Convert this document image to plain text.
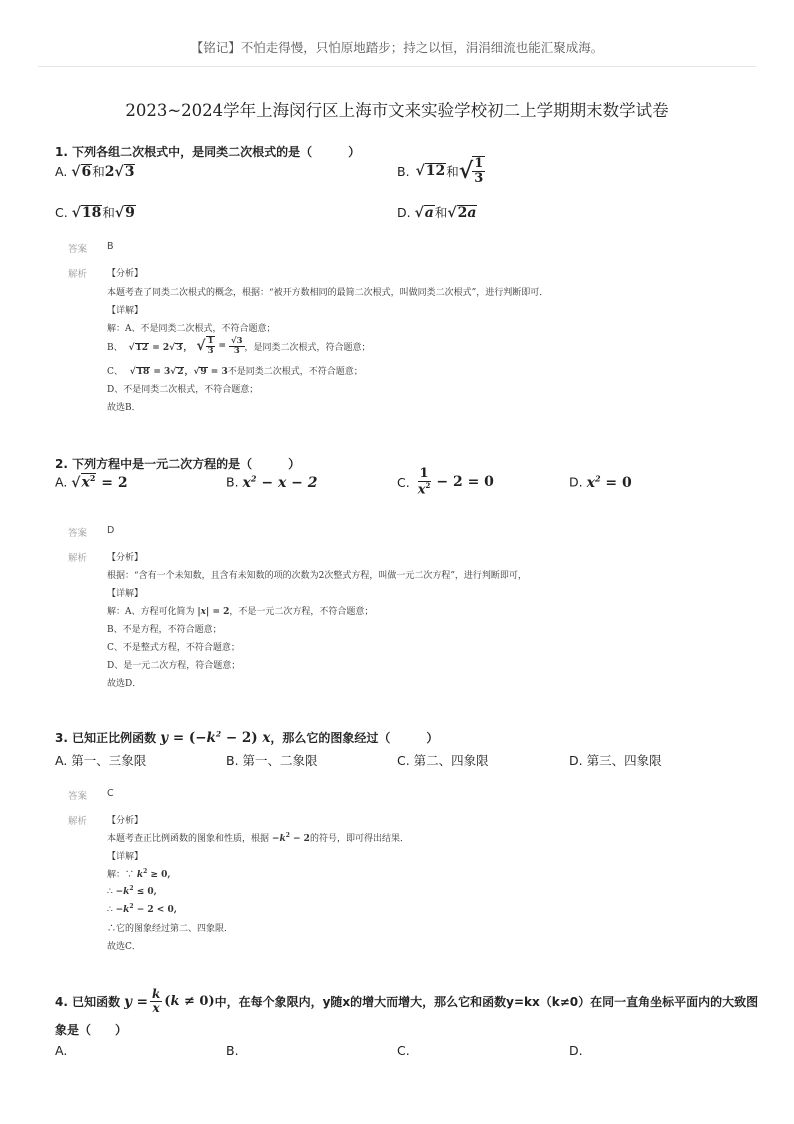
【铭记】不怕走得慢，只怕原地踏步；持之以恒，涓涓细流也能汇聚成海。
2023~2024学年上海闵行区上海市文来实验学校初二上学期期末数学试卷
1. 下列各组二次根式中，是同类二次根式的是（　　　）
A. √6和2√3	B. √12 和 √ $\frac{1}{3}$
C. √18和√9	D. √a和√2a
答案 B
解析 【分析】
本题考查了同类二次根式的概念，根据：“被开方数相同的最简二次根式，叫做同类二次根式”，进行判断即可．
【详解】
解：A、不是同类二次根式，不符合题意；
B、 √12 = 2√3， √ $\frac{1}{3} = \frac{√3}{3}$ ，是同类二次根式，符合题意；
C、 √18 = 3√2，√9 = 3不是同类二次根式，不符合题意；
D、不是同类二次根式，不符合题意；
故选B．
2. 下列方程中是一元二次方程的是（　　　）
A. $√x^2 = 2$	B. $x^2 - x - 2$	C. $\frac{1}{x^2} - 2 = 0$	D. $x^2 = 0$
答案 D
解析 【分析】
根据：“含有一个未知数，且含有未知数的项的次数为2次整式方程，叫做一元二次方程”，进行判断即可，
【详解】
解：A、方程可化简为 |x| = 2，不是一元二次方程，不符合题意；
B、不是方程，不符合题意；
C、不是整式方程，不符合题意；
D、是一元二次方程，符合题意；
故选D．
3. 已知正比例函数 $y = (-k^2 - 2)$ x，那么它的图象经过（　　　）
A. 第一、三象限	B. 第一、二象限	C. 第二、四象限	D. 第三、四象限
答案 C
解析 【分析】
本题考查正比例函数的图象和性质，根据 $-k^2 - 2$的符号，即可得出结果．
【详解】
解：∵ $k^2 \ge 0$,
∴ $-k^2 \le 0$,
∴ $-k^2 - 2 < 0$,
∴它的图象经过第二、四象限．
故选C．
4. 已知函数 $y = \frac{k}{x} (k \ne 0)$ 中，在每个象限内，y随x的增大而增大，那么它和函数y=kx（k≠0）在同一直角坐标平面内的大致图
象是（　　）
A.	B.	C.	D.
